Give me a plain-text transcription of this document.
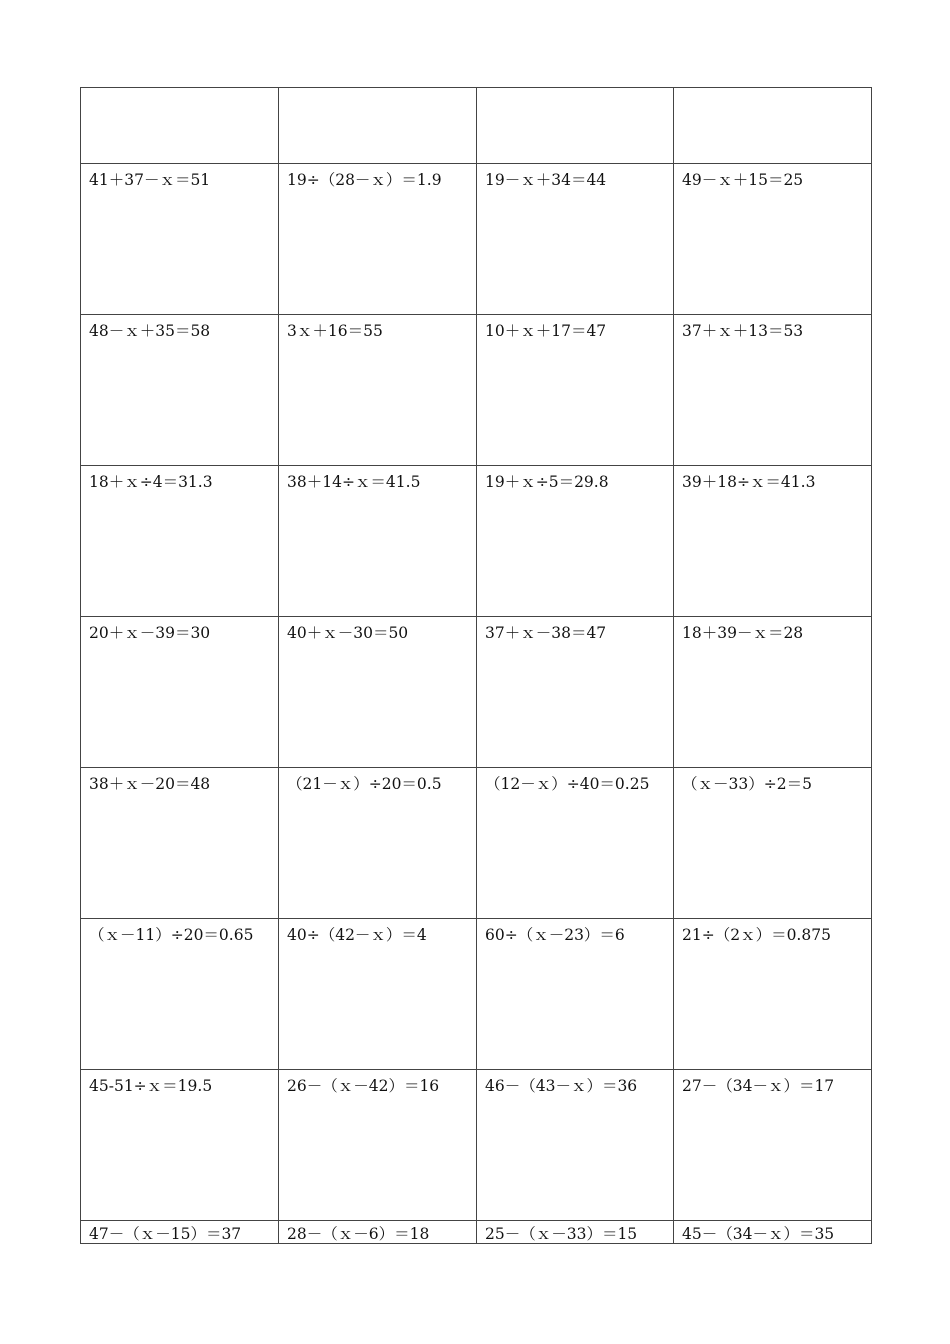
41＋37－ｘ＝51	19÷（28－ｘ）＝1.9	19－ｘ＋34＝44	49－ｘ＋15＝25
48－ｘ＋35＝58	3ｘ＋16＝55	10＋ｘ＋17＝47	37＋ｘ＋13＝53
18＋ｘ÷4＝31.3	38＋14÷ｘ＝41.5	19＋ｘ÷5＝29.8	39＋18÷ｘ＝41.3
20＋ｘ－39＝30	40＋ｘ－30＝50	37＋ｘ－38＝47	18＋39－ｘ＝28
38＋ｘ－20＝48	（21－ｘ）÷20＝0.5	（12－ｘ）÷40＝0.25	（ｘ－33）÷2＝5
（ｘ－11）÷20＝0.65	40÷（42－ｘ）＝4	60÷（ｘ－23）＝6	21÷（2ｘ）＝0.875
45-51÷ｘ＝19.5	26－（ｘ－42）＝16	46－（43－ｘ）＝36	27－（34－ｘ）＝17
47－（ｘ－15）＝37	28－（ｘ－6）＝18	25－（ｘ－33）＝15	45－（34－ｘ）＝35
